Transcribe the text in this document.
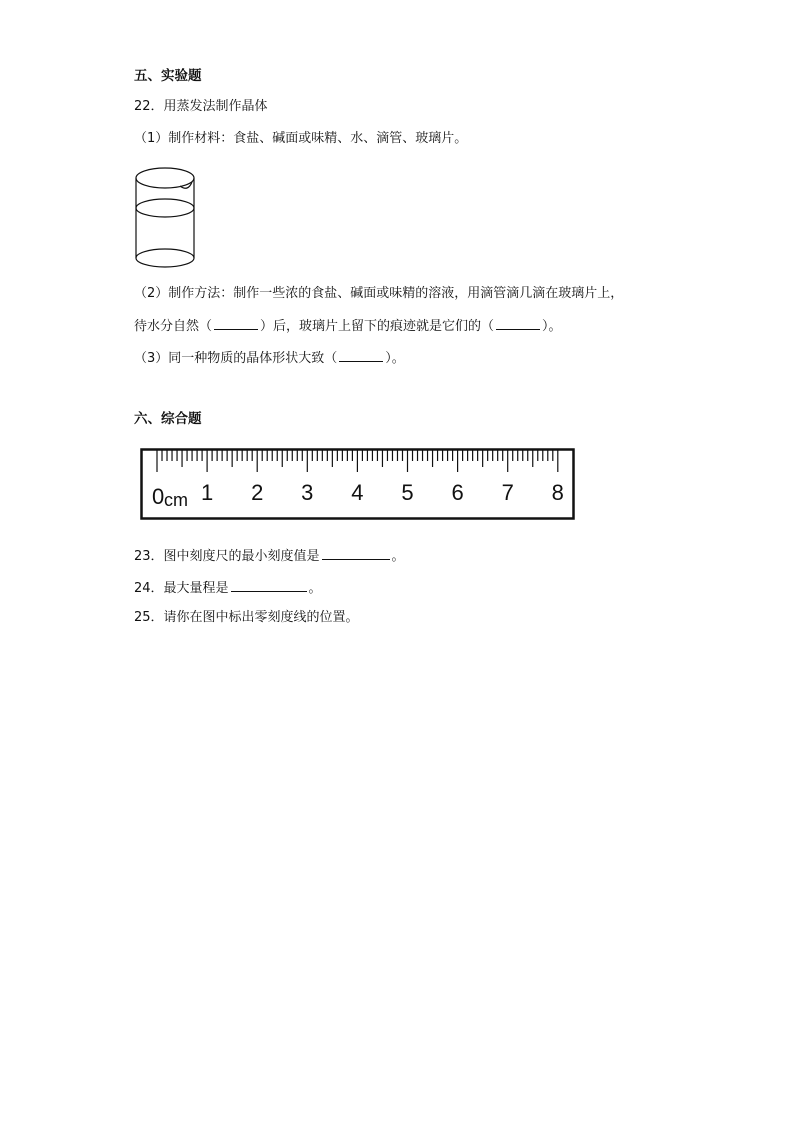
五、实验题
22．用蒸发法制作晶体
（1）制作材料：食盐、碱面或味精、水、滴管、玻璃片。
（2）制作方法：制作一些浓的食盐、碱面或味精的溶液，用滴管滴几滴在玻璃片上，
待水分自然（	）后，玻璃片上留下的痕迹就是它们的（	）。
（3）同一种物质的晶体形状大致（	）。
六、综合题
0 cm 1 2 3 4 5 6 7 8
23．图中刻度尺的最小刻度值是	。
24．最大量程是	。
25．请你在图中标出零刻度线的位置。
